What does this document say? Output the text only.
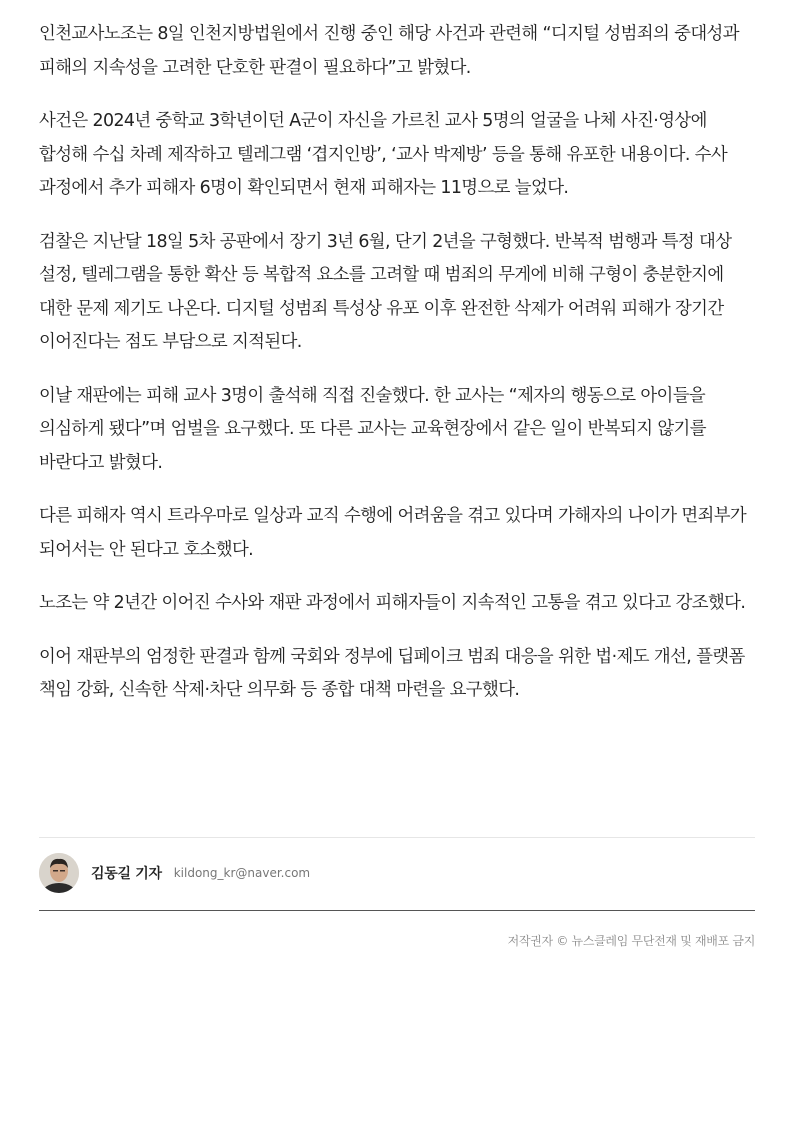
인천교사노조는 8일 인천지방법원에서 진행 중인 해당 사건과 관련해 “디지털 성범죄의 중대성과 피해의 지속성을 고려한 단호한 판결이 필요하다”고 밝혔다.

사건은 2024년 중학교 3학년이던 A군이 자신을 가르친 교사 5명의 얼굴을 나체 사진·영상에 합성해 수십 차례 제작하고 텔레그램 ‘겹지인방’, ‘교사 박제방’ 등을 통해 유포한 내용이다. 수사 과정에서 추가 피해자 6명이 확인되면서 현재 피해자는 11명으로 늘었다.

검찰은 지난달 18일 5차 공판에서 장기 3년 6월, 단기 2년을 구형했다. 반복적 범행과 특정 대상 설정, 텔레그램을 통한 확산 등 복합적 요소를 고려할 때 범죄의 무게에 비해 구형이 충분한지에 대한 문제 제기도 나온다. 디지털 성범죄 특성상 유포 이후 완전한 삭제가 어려워 피해가 장기간 이어진다는 점도 부담으로 지적된다.

이날 재판에는 피해 교사 3명이 출석해 직접 진술했다. 한 교사는 “제자의 행동으로 아이들을 의심하게 됐다”며 엄벌을 요구했다. 또 다른 교사는 교육현장에서 같은 일이 반복되지 않기를 바란다고 밝혔다.

다른 피해자 역시 트라우마로 일상과 교직 수행에 어려움을 겪고 있다며 가해자의 나이가 면죄부가 되어서는 안 된다고 호소했다.

노조는 약 2년간 이어진 수사와 재판 과정에서 피해자들이 지속적인 고통을 겪고 있다고 강조했다.

이어 재판부의 엄정한 판결과 함께 국회와 정부에 딥페이크 범죄 대응을 위한 법·제도 개선, 플랫폼 책임 강화, 신속한 삭제·차단 의무화 등 종합 대책 마련을 요구했다.

김동길 기자 kildong_kr@naver.com
저작권자 © 뉴스클레임 무단전재 및 재배포 금지
